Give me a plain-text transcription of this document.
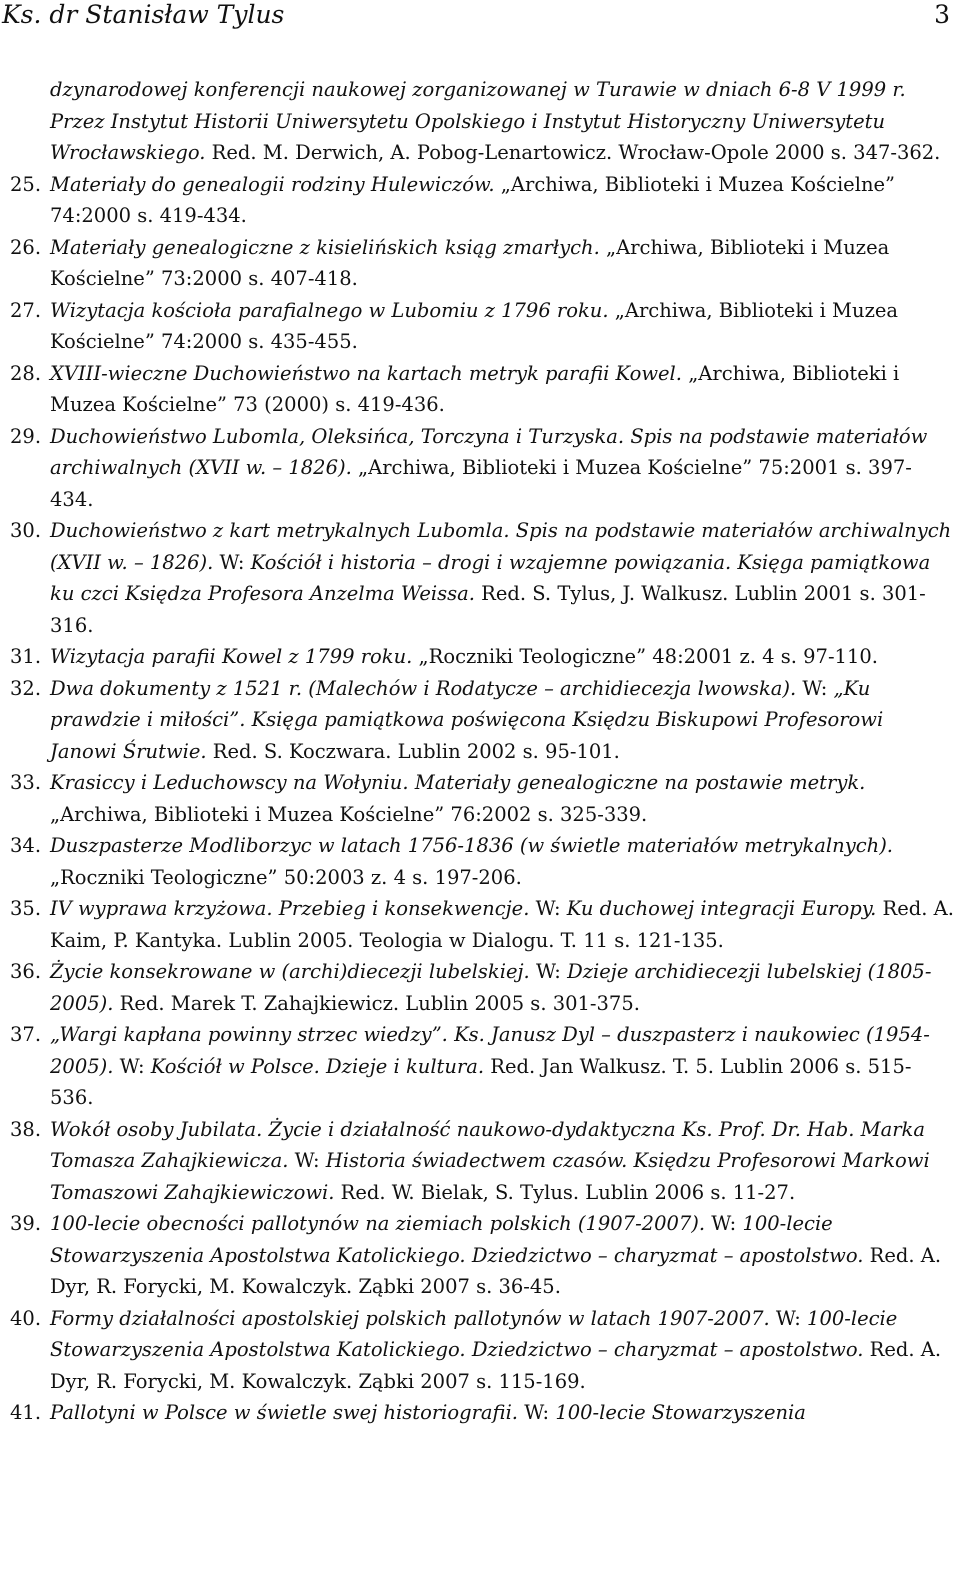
Ks. dr Stanisław Tylus	3
dzynarodowej konferencji naukowej zorganizowanej w Turawie w dniach 6-8 V 1999 r. Przez Instytut Historii Uniwersytetu Opolskiego i Instytut Historyczny Uniwersytetu Wrocławskiego. Red. M. Derwich, A. Pobog-Lenartowicz. Wrocław-Opole 2000 s. 347-362.
25. Materiały do genealogii rodziny Hulewiczów. „Archiwa, Biblioteki i Muzea Kościelne” 74:2000 s. 419-434.
26. Materiały genealogiczne z kisielińskich ksiąg zmarłych. „Archiwa, Biblioteki i Muzea Kościelne” 73:2000 s. 407-418.
27. Wizytacja kościoła parafialnego w Lubomiu z 1796 roku. „Archiwa, Biblioteki i Muzea Kościelne” 74:2000 s. 435-455.
28. XVIII-wieczne Duchowieństwo na kartach metryk parafii Kowel. „Archiwa, Biblioteki i Muzea Kościelne” 73 (2000) s. 419-436.
29. Duchowieństwo Lubomla, Oleksińca, Torczyna i Turzyska. Spis na podstawie materiałów archiwalnych (XVII w. – 1826). „Archiwa, Biblioteki i Muzea Kościelne” 75:2001 s. 397-434.
30. Duchowieństwo z kart metrykalnych Lubomla. Spis na podstawie materiałów archiwalnych (XVII w. – 1826). W: Kościół i historia – drogi i wzajemne powiązania. Księga pamiątkowa ku czci Księdza Profesora Anzelma Weissa. Red. S. Tylus, J. Walkusz. Lublin 2001 s. 301-316.
31. Wizytacja parafii Kowel z 1799 roku. „Roczniki Teologiczne” 48:2001 z. 4 s. 97-110.
32. Dwa dokumenty z 1521 r. (Malechów i Rodatycze – archidiecezja lwowska). W: „Ku prawdzie i miłości”. Księga pamiątkowa poświęcona Księdzu Biskupowi Profesorowi Janowi Śrutwie. Red. S. Koczwara. Lublin 2002 s. 95-101.
33. Krasiccy i Leduchowscy na Wołyniu. Materiały genealogiczne na postawie metryk. „Archiwa, Biblioteki i Muzea Kościelne” 76:2002 s. 325-339.
34. Duszpasterze Modliborzyc w latach 1756-1836 (w świetle materiałów metrykalnych). „Roczniki Teologiczne” 50:2003 z. 4 s. 197-206.
35. IV wyprawa krzyżowa. Przebieg i konsekwencje. W: Ku duchowej integracji Europy. Red. A. Kaim, P. Kantyka. Lublin 2005. Teologia w Dialogu. T. 11 s. 121-135.
36. Życie konsekrowane w (archi)diecezji lubelskiej. W: Dzieje archidiecezji lubelskiej (1805-2005). Red. Marek T. Zahajkiewicz. Lublin 2005 s. 301-375.
37. „Wargi kapłana powinny strzec wiedzy”. Ks. Janusz Dyl – duszpasterz i naukowiec (1954-2005). W: Kościół w Polsce. Dzieje i kultura. Red. Jan Walkusz. T. 5. Lublin 2006 s. 515-536.
38. Wokół osoby Jubilata. Życie i działalność naukowo-dydaktyczna Ks. Prof. Dr. Hab. Marka Tomasza Zahajkiewicza. W: Historia świadectwem czasów. Księdzu Profesorowi Markowi Tomaszowi Zahajkiewiczowi. Red. W. Bielak, S. Tylus. Lublin 2006 s. 11-27.
39. 100-lecie obecności pallotynów na ziemiach polskich (1907-2007). W: 100-lecie Stowarzyszenia Apostolstwa Katolickiego. Dziedzictwo – charyzmat – apostolstwo. Red. A. Dyr, R. Forycki, M. Kowalczyk. Ząbki 2007 s. 36-45.
40. Formy działalności apostolskiej polskich pallotynów w latach 1907-2007. W: 100-lecie Stowarzyszenia Apostolstwa Katolickiego. Dziedzictwo – charyzmat – apostolstwo. Red. A. Dyr, R. Forycki, M. Kowalczyk. Ząbki 2007 s. 115-169.
41. Pallotyni w Polsce w świetle swej historiografii. W: 100-lecie Stowarzyszenia
